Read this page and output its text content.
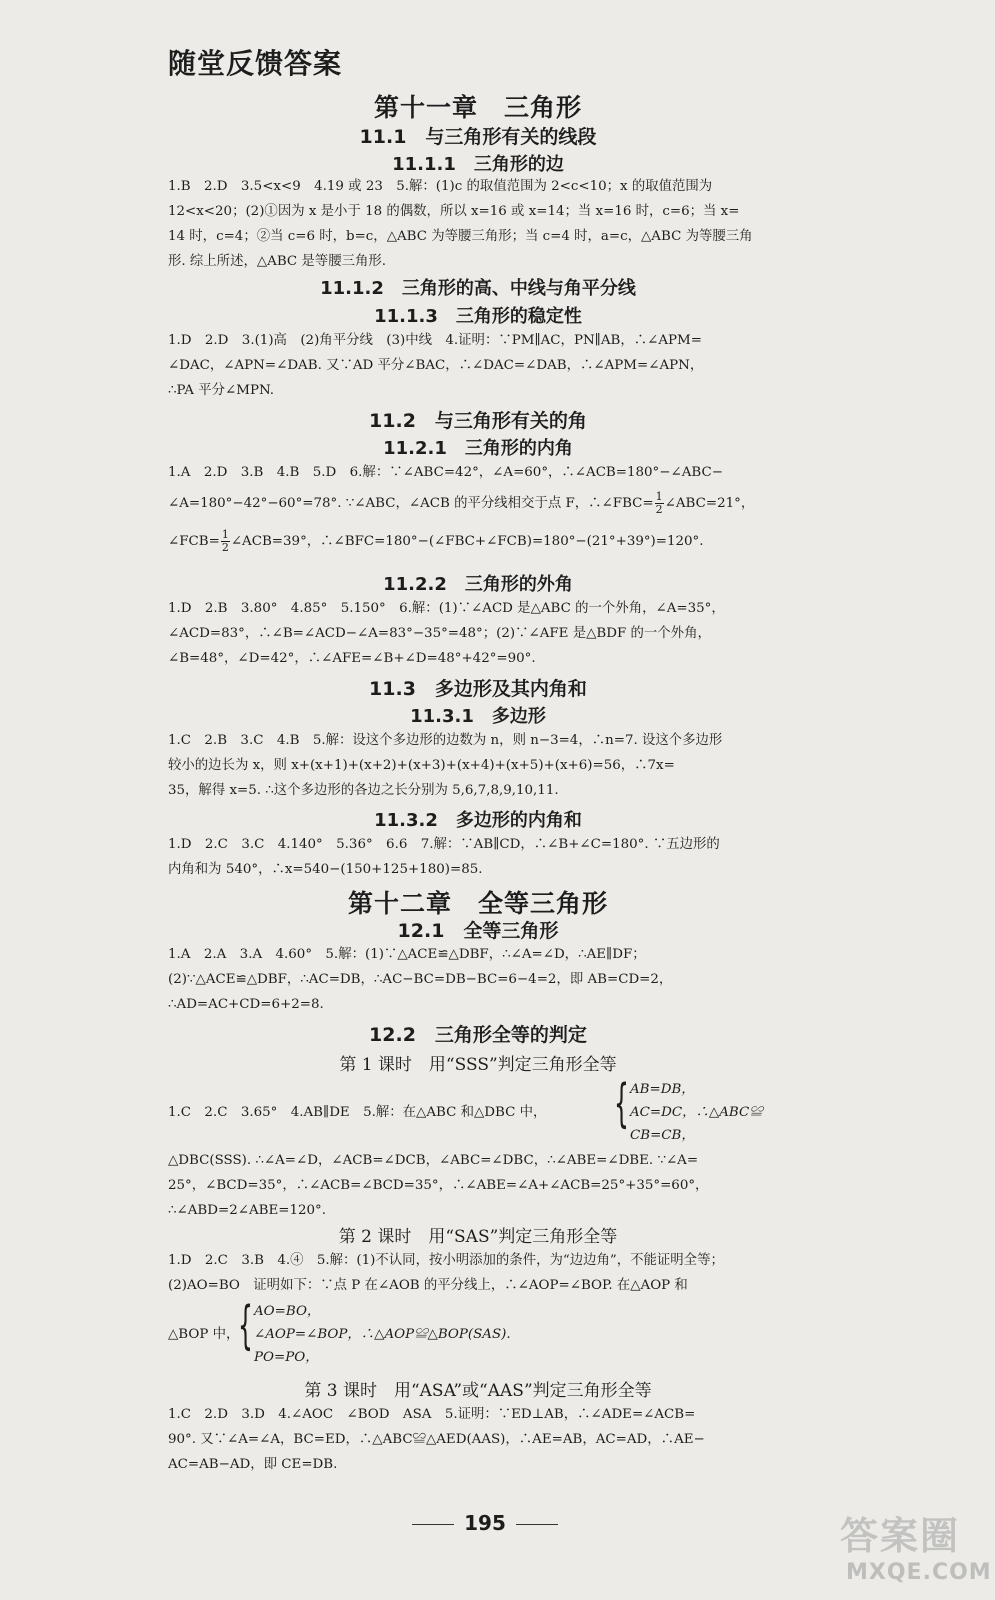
随堂反馈答案
第十一章　三角形
11.1　与三角形有关的线段
11.1.1　三角形的边
1.B　2.D　3.5<x<9　4.19 或 23　5.解：(1)c 的取值范围为 2<c<10；x 的取值范围为
12<x<20；(2)①因为 x 是小于 18 的偶数，所以 x=16 或 x=14；当 x=16 时，c=6；当 x=
14 时，c=4；②当 c=6 时，b=c，△ABC 为等腰三角形；当 c=4 时，a=c，△ABC 为等腰三角
形. 综上所述，△ABC 是等腰三角形.
11.1.2　三角形的高、中线与角平分线
11.1.3　三角形的稳定性
1.D　2.D　3.(1)高　(2)角平分线　(3)中线　4.证明：∵PM∥AC，PN∥AB，∴∠APM=
∠DAC，∠APN=∠DAB. 又∵AD 平分∠BAC，∴∠DAC=∠DAB，∴∠APM=∠APN，
∴PA 平分∠MPN.
11.2　与三角形有关的角
11.2.1　三角形的内角
1.A　2.D　3.B　4.B　5.D　6.解：∵∠ABC=42°，∠A=60°，∴∠ACB=180°−∠ABC−
∠A=180°−42°−60°=78°. ∵∠ABC，∠ACB 的平分线相交于点 F，∴∠FBC= $\frac{1}{2}$ ∠ABC=21°，
∠FCB= $\frac{1}{2}$ ∠ACB=39°，∴∠BFC=180°−(∠FBC+∠FCB)=180°−(21°+39°)=120°.
11.2.2　三角形的外角
1.D　2.B　3.80°　4.85°　5.150°　6.解：(1)∵∠ACD 是△ABC 的一个外角，∠A=35°，
∠ACD=83°，∴∠B=∠ACD−∠A=83°−35°=48°；(2)∵∠AFE 是△BDF 的一个外角，
∠B=48°，∠D=42°，∴∠AFE=∠B+∠D=48°+42°=90°.
11.3　多边形及其内角和
11.3.1　多边形
1.C　2.B　3.C　4.B　5.解：设这个多边形的边数为 n，则 n−3=4，∴n=7. 设这个多边形
较小的边长为 x，则 x+(x+1)+(x+2)+(x+3)+(x+4)+(x+5)+(x+6)=56，∴7x=
35，解得 x=5. ∴这个多边形的各边之长分别为 5,6,7,8,9,10,11.
11.3.2　多边形的内角和
1.D　2.C　3.C　4.140°　5.36°　6.6　7.解：∵AB∥CD，∴∠B+∠C=180°. ∵五边形的
内角和为 540°，∴x=540−(150+125+180)=85.
第十二章　全等三角形
12.1　全等三角形
1.A　2.A　3.A　4.60°　5.解：(1)∵△ACE≌△DBF，∴∠A=∠D，∴AE∥DF；
(2)∵△ACE≌△DBF，∴AC=DB，∴AC−BC=DB−BC=6−4=2，即 AB=CD=2，
∴AD=AC+CD=6+2=8.
12.2　三角形全等的判定
第 1 课时　用“SSS”判定三角形全等
1.C　2.C　3.65°　4.AB∥DE　5.解：在△ABC 和△DBC 中， { AB=DB，
AC=DC，∴△ABC≌
CB=CB，
△DBC(SSS). ∴∠A=∠D，∠ACB=∠DCB，∠ABC=∠DBC，∴∠ABE=∠DBE. ∵∠A=
25°，∠BCD=35°，∴∠ACB=∠BCD=35°，∴∠ABE=∠A+∠ACB=25°+35°=60°，
∴∠ABD=2∠ABE=120°.
第 2 课时　用“SAS”判定三角形全等
1.D　2.C　3.B　4.④　5.解：(1)不认同，按小明添加的条件，为“边边角”，不能证明全等；
(2)AO=BO　证明如下：∵点 P 在∠AOB 的平分线上，∴∠AOP=∠BOP. 在△AOP 和
△BOP 中，
{ AO=BO，
∠AOP=∠BOP，∴△AOP≌△BOP(SAS).
PO=PO，
第 3 课时　用“ASA”或“AAS”判定三角形全等
1.C　2.D　3.D　4.∠AOC　∠BOD　ASA　5.证明：∵ED⊥AB，∴∠ADE=∠ACB=
90°. 又∵∠A=∠A，BC=ED，∴△ABC≌△AED(AAS)，∴AE=AB，AC=AD，∴AE−
AC=AB−AD，即 CE=DB.
195	答案圈
MXQE.COM
